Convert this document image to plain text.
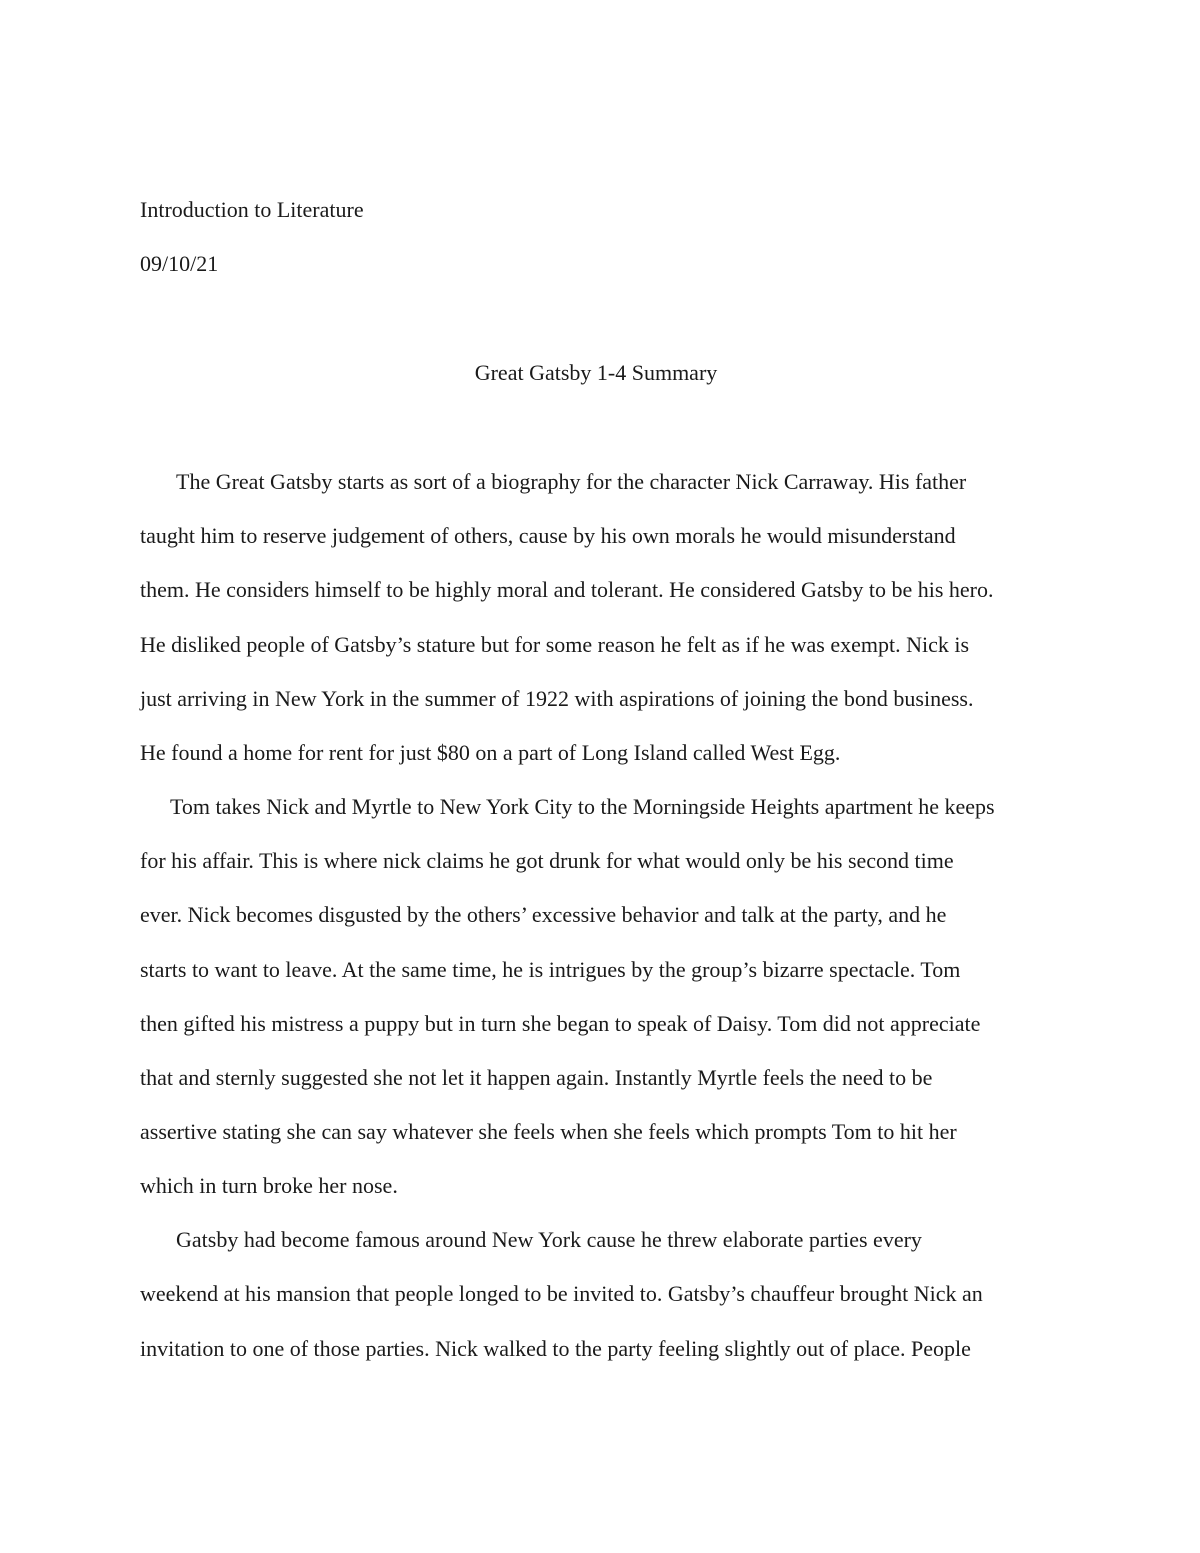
Introduction to Literature
09/10/21
Great Gatsby 1-4 Summary
The Great Gatsby starts as sort of a biography for the character Nick Carraway. His father
taught him to reserve judgement of others, cause by his own morals he would misunderstand
them. He considers himself to be highly moral and tolerant. He considered Gatsby to be his hero.
He disliked people of Gatsby’s stature but for some reason he felt as if he was exempt. Nick is
just arriving in New York in the summer of 1922 with aspirations of joining the bond business.
He found a home for rent for just $80 on a part of Long Island called West Egg.
Tom takes Nick and Myrtle to New York City to the Morningside Heights apartment he keeps
for his affair. This is where nick claims he got drunk for what would only be his second time
ever. Nick becomes disgusted by the others’ excessive behavior and talk at the party, and he
starts to want to leave. At the same time, he is intrigues by the group’s bizarre spectacle. Tom
then gifted his mistress a puppy but in turn she began to speak of Daisy. Tom did not appreciate
that and sternly suggested she not let it happen again. Instantly Myrtle feels the need to be
assertive stating she can say whatever she feels when she feels which prompts Tom to hit her
which in turn broke her nose.
Gatsby had become famous around New York cause he threw elaborate parties every
weekend at his mansion that people longed to be invited to. Gatsby’s chauffeur brought Nick an
invitation to one of those parties. Nick walked to the party feeling slightly out of place. People
